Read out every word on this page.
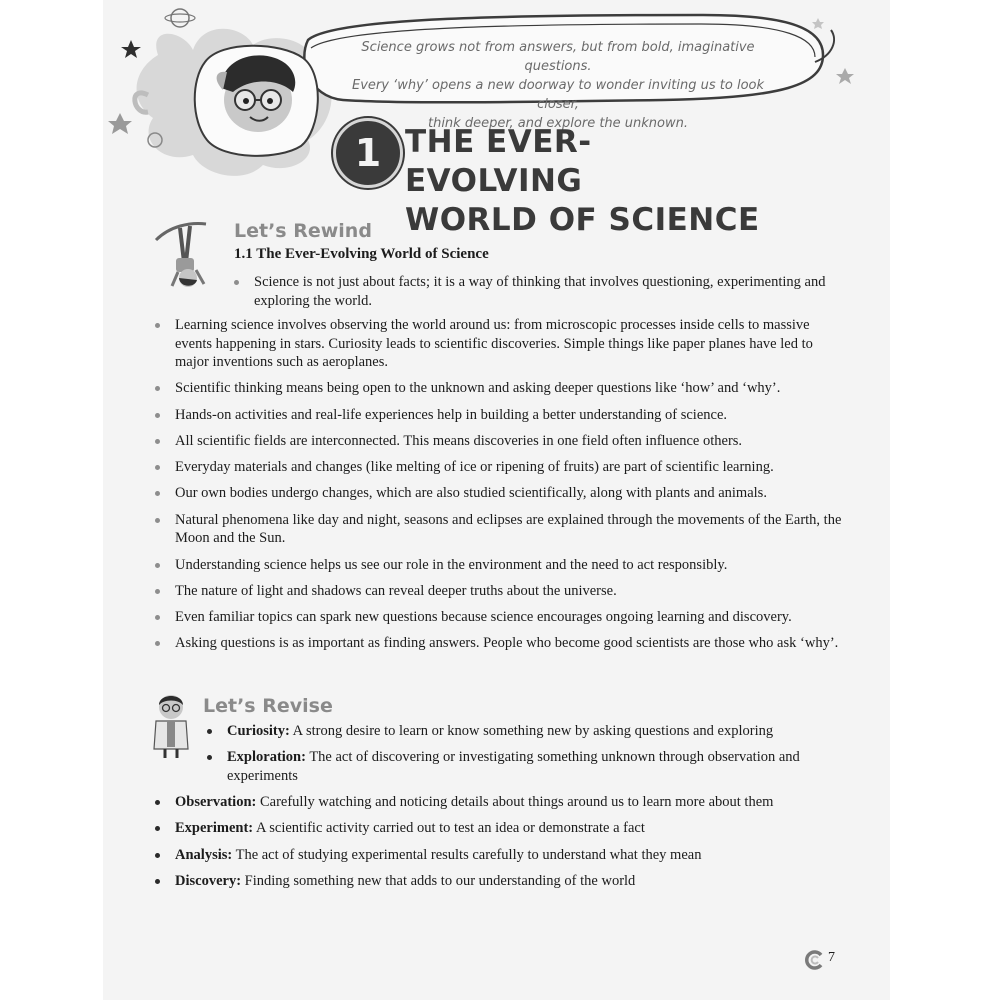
Science grows not from answers, but from bold, imaginative questions.
Every ‘why’ opens a new doorway to wonder inviting us to look closer,
think deeper, and explore the unknown.
1 THE EVER-EVOLVING
WORLD OF SCIENCE
Let’s Rewind
1.1 The Ever-Evolving World of Science
Science is not just about facts; it is a way of thinking that involves questioning, experimenting and exploring the world.
Learning science involves observing the world around us: from microscopic processes inside cells to massive events happening in stars. Curiosity leads to scientific discoveries. Simple things like paper planes have led to major inventions such as aeroplanes.
Scientific thinking means being open to the unknown and asking deeper questions like ‘how’ and ‘why’.
Hands-on activities and real-life experiences help in building a better understanding of science.
All scientific fields are interconnected. This means discoveries in one field often influence others.
Everyday materials and changes (like melting of ice or ripening of fruits) are part of scientific learning.
Our own bodies undergo changes, which are also studied scientifically, along with plants and animals.
Natural phenomena like day and night, seasons and eclipses are explained through the movements of the Earth, the Moon and the Sun.
Understanding science helps us see our role in the environment and the need to act responsibly.
The nature of light and shadows can reveal deeper truths about the universe.
Even familiar topics can spark new questions because science encourages ongoing learning and discovery.
Asking questions is as important as finding answers. People who become good scientists are those who ask ‘why’.
Let’s Revise
Curiosity: A strong desire to learn or know something new by asking questions and exploring
Exploration: The act of discovering or investigating something unknown through observation and experiments
Observation: Carefully watching and noticing details about things around us to learn more about them
Experiment: A scientific activity carried out to test an idea or demonstrate a fact
Analysis: The act of studying experimental results carefully to understand what they mean
Discovery: Finding something new that adds to our understanding of the world
7
